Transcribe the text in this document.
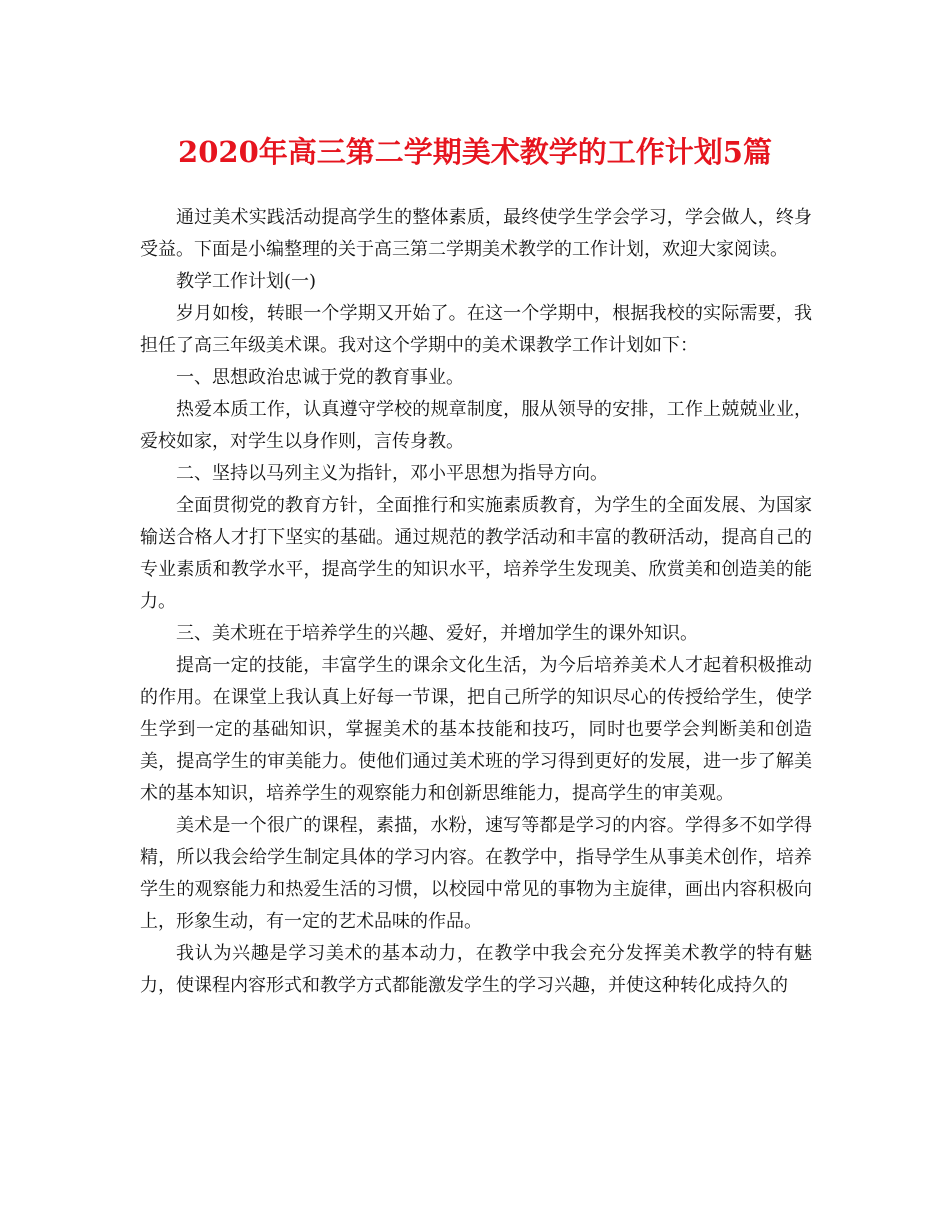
2020年高三第二学期美术教学的工作计划5篇

通过美术实践活动提高学生的整体素质，最终使学生学会学习，学会做人，终身受益。下面是小编整理的关于高三第二学期美术教学的工作计划，欢迎大家阅读。

教学工作计划(一)

岁月如梭，转眼一个学期又开始了。在这一个学期中，根据我校的实际需要，我担任了高三年级美术课。我对这个学期中的美术课教学工作计划如下：

一、思想政治忠诚于党的教育事业。

热爱本质工作，认真遵守学校的规章制度，服从领导的安排，工作上兢兢业业，爱校如家，对学生以身作则，言传身教。

二、坚持以马列主义为指针，邓小平思想为指导方向。

全面贯彻党的教育方针，全面推行和实施素质教育，为学生的全面发展、为国家输送合格人才打下坚实的基础。通过规范的教学活动和丰富的教研活动，提高自己的专业素质和教学水平，提高学生的知识水平，培养学生发现美、欣赏美和创造美的能力。

三、美术班在于培养学生的兴趣、爱好，并增加学生的课外知识。

提高一定的技能，丰富学生的课余文化生活，为今后培养美术人才起着积极推动的作用。在课堂上我认真上好每一节课，把自己所学的知识尽心的传授给学生，使学生学到一定的基础知识，掌握美术的基本技能和技巧，同时也要学会判断美和创造美，提高学生的审美能力。使他们通过美术班的学习得到更好的发展，进一步了解美术的基本知识，培养学生的观察能力和创新思维能力，提高学生的审美观。

美术是一个很广的课程，素描，水粉，速写等都是学习的内容。学得多不如学得精，所以我会给学生制定具体的学习内容。在教学中，指导学生从事美术创作，培养学生的观察能力和热爱生活的习惯，以校园中常见的事物为主旋律，画出内容积极向上，形象生动，有一定的艺术品味的作品。

我认为兴趣是学习美术的基本动力，在教学中我会充分发挥美术教学的特有魅力，使课程内容形式和教学方式都能激发学生的学习兴趣，并使这种转化成持久的
